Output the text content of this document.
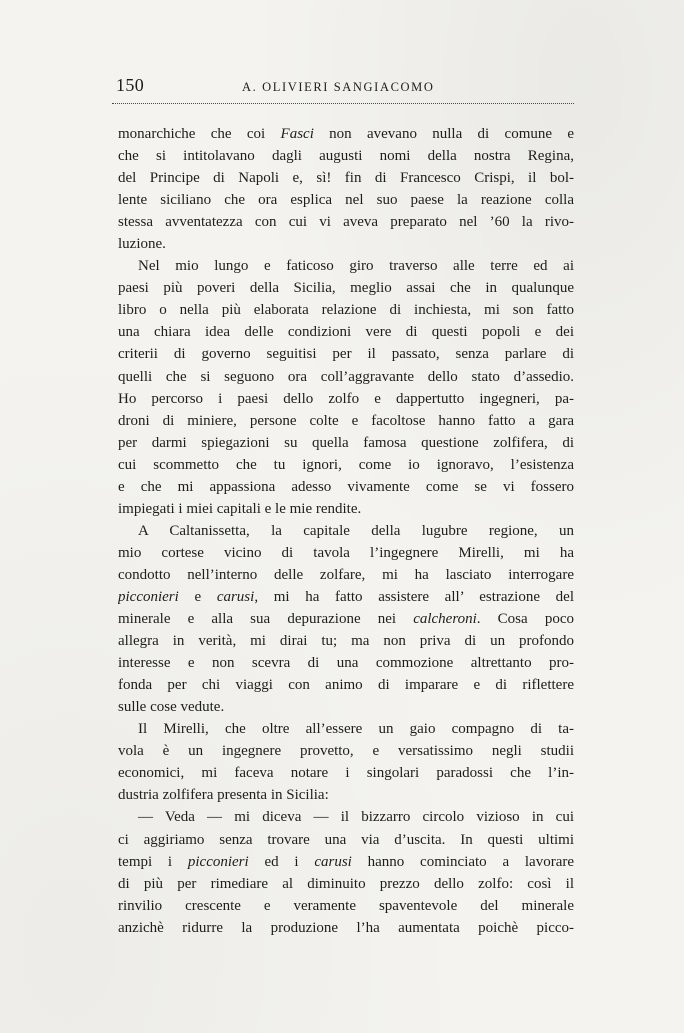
150	A. OLIVIERI SANGIACOMO
monarchiche che coi Fasci non avevano nulla di comune e
che si intitolavano dagli augusti nomi della nostra Regina,
del Principe di Napoli e, sì! fin di Francesco Crispi, il bol-
lente siciliano che ora esplica nel suo paese la reazione colla
stessa avventatezza con cui vi aveva preparato nel ’60 la rivo-
luzione.
Nel mio lungo e faticoso giro traverso alle terre ed ai
paesi più poveri della Sicilia, meglio assai che in qualunque
libro o nella più elaborata relazione di inchiesta, mi son fatto
una chiara idea delle condizioni vere di questi popoli e dei
criterii di governo seguitisi per il passato, senza parlare di
quelli che si seguono ora coll’aggravante dello stato d’assedio.
Ho percorso i paesi dello zolfo e dappertutto ingegneri, pa-
droni di miniere, persone colte e facoltose hanno fatto a gara
per darmi spiegazioni su quella famosa questione zolfifera, di
cui scommetto che tu ignori, come io ignoravo, l’esistenza
e che mi appassiona adesso vivamente come se vi fossero
impiegati i miei capitali e le mie rendite.
A Caltanissetta, la capitale della lugubre regione, un
mio cortese vicino di tavola l’ingegnere Mirelli, mi ha
condotto nell’interno delle zolfare, mi ha lasciato interrogare
picconieri e carusi, mi ha fatto assistere all’ estrazione del
minerale e alla sua depurazione nei calcheroni. Cosa poco
allegra in verità, mi dirai tu; ma non priva di un profondo
interesse e non scevra di una commozione altrettanto pro-
fonda per chi viaggi con animo di imparare e di riflettere
sulle cose vedute.
Il Mirelli, che oltre all’essere un gaio compagno di ta-
vola è un ingegnere provetto, e versatissimo negli studii
economici, mi faceva notare i singolari paradossi che l’in-
dustria zolfifera presenta in Sicilia:
— Veda — mi diceva — il bizzarro circolo vizioso in cui
ci aggiriamo senza trovare una via d’uscita. In questi ultimi
tempi i picconieri ed i carusi hanno cominciato a lavorare
di più per rimediare al diminuito prezzo dello zolfo: così il
rinvilio crescente e veramente spaventevole del minerale
anzichè ridurre la produzione l’ha aumentata poichè picco-
